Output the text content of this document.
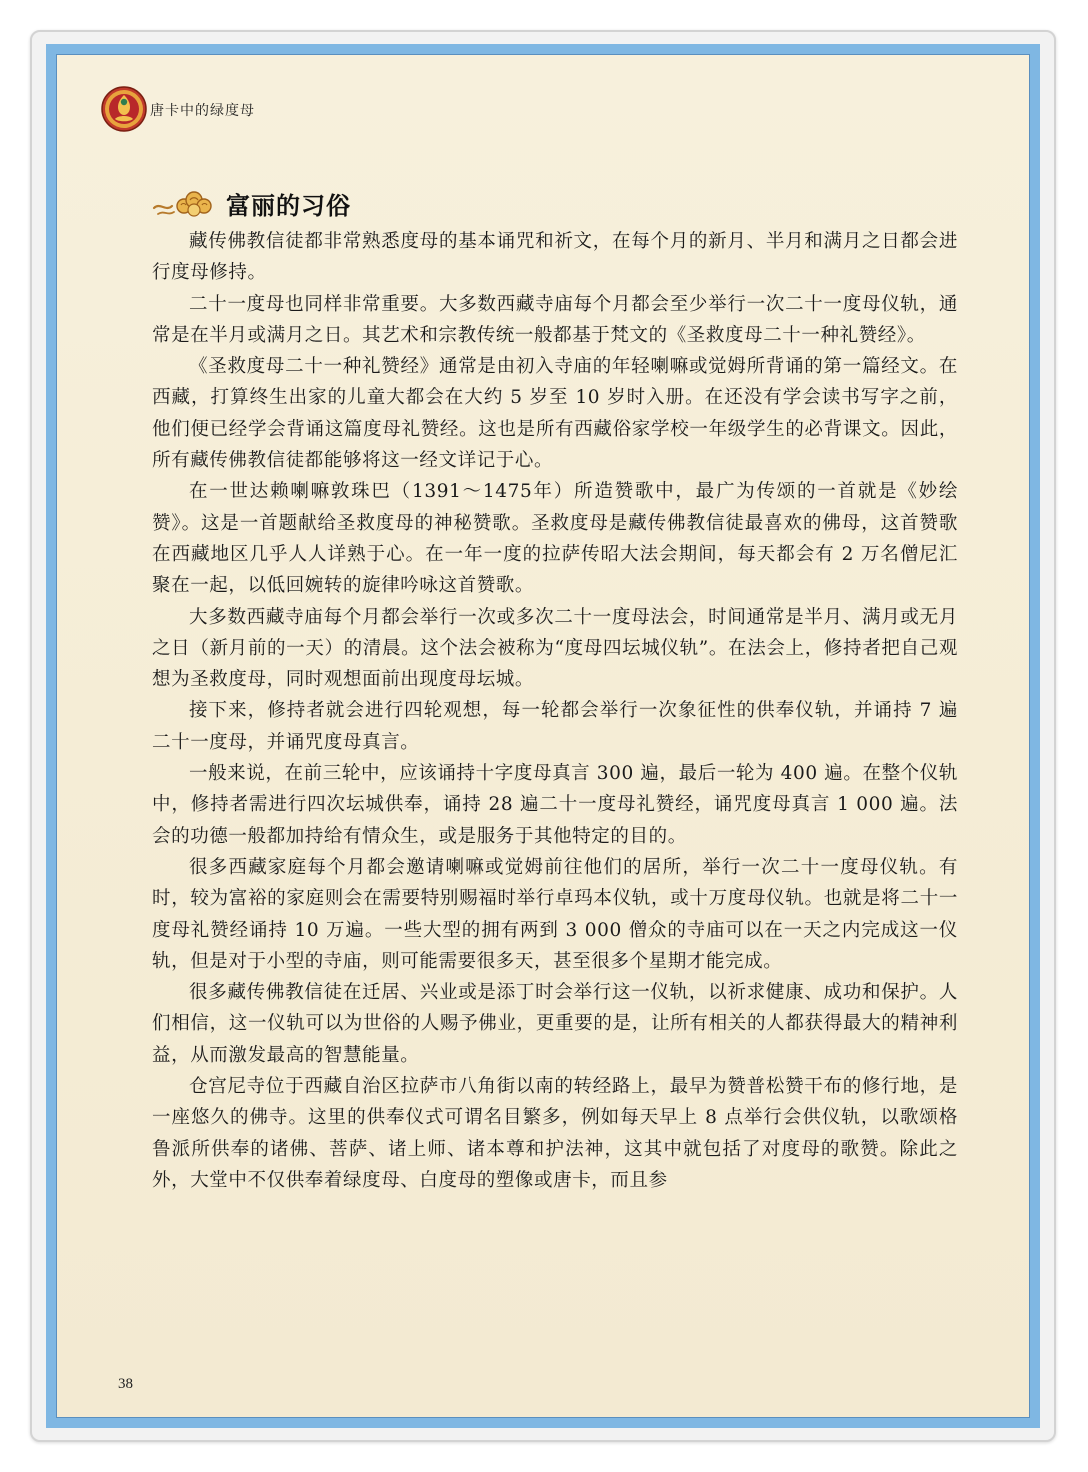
唐卡中的绿度母
富丽的习俗

藏传佛教信徒都非常熟悉度母的基本诵咒和祈文，在每个月的新月、半月和满月之日都会进行度母修持。

二十一度母也同样非常重要。大多数西藏寺庙每个月都会至少举行一次二十一度母仪轨，通常是在半月或满月之日。其艺术和宗教传统一般都基于梵文的《圣救度母二十一种礼赞经》。

《圣救度母二十一种礼赞经》通常是由初入寺庙的年轻喇嘛或觉姆所背诵的第一篇经文。在西藏，打算终生出家的儿童大都会在大约 5 岁至 10 岁时入册。在还没有学会读书写字之前，他们便已经学会背诵这篇度母礼赞经。这也是所有西藏俗家学校一年级学生的必背课文。因此，所有藏传佛教信徒都能够将这一经文详记于心。

在一世达赖喇嘛敦珠巴（1391～1475年）所造赞歌中，最广为传颂的一首就是《妙绘赞》。这是一首题献给圣救度母的神秘赞歌。圣救度母是藏传佛教信徒最喜欢的佛母，这首赞歌在西藏地区几乎人人详熟于心。在一年一度的拉萨传昭大法会期间，每天都会有 2 万名僧尼汇聚在一起，以低回婉转的旋律吟咏这首赞歌。

大多数西藏寺庙每个月都会举行一次或多次二十一度母法会，时间通常是半月、满月或无月之日（新月前的一天）的清晨。这个法会被称为“度母四坛城仪轨”。在法会上，修持者把自己观想为圣救度母，同时观想面前出现度母坛城。

接下来，修持者就会进行四轮观想，每一轮都会举行一次象征性的供奉仪轨，并诵持 7 遍二十一度母，并诵咒度母真言。

一般来说，在前三轮中，应该诵持十字度母真言 300 遍，最后一轮为 400 遍。在整个仪轨中，修持者需进行四次坛城供奉，诵持 28 遍二十一度母礼赞经，诵咒度母真言 1 000 遍。法会的功德一般都加持给有情众生，或是服务于其他特定的目的。

很多西藏家庭每个月都会邀请喇嘛或觉姆前往他们的居所，举行一次二十一度母仪轨。有时，较为富裕的家庭则会在需要特别赐福时举行卓玛本仪轨，或十万度母仪轨。也就是将二十一度母礼赞经诵持 10 万遍。一些大型的拥有两到 3 000 僧众的寺庙可以在一天之内完成这一仪轨，但是对于小型的寺庙，则可能需要很多天，甚至很多个星期才能完成。

很多藏传佛教信徒在迁居、兴业或是添丁时会举行这一仪轨，以祈求健康、成功和保护。人们相信，这一仪轨可以为世俗的人赐予佛业，更重要的是，让所有相关的人都获得最大的精神利益，从而激发最高的智慧能量。

仓宫尼寺位于西藏自治区拉萨市八角街以南的转经路上，最早为赞普松赞干布的修行地，是一座悠久的佛寺。这里的供奉仪式可谓名目繁多，例如每天早上 8 点举行会供仪轨，以歌颂格鲁派所供奉的诸佛、菩萨、诸上师、诸本尊和护法神，这其中就包括了对度母的歌赞。除此之外，大堂中不仅供奉着绿度母、白度母的塑像或唐卡，而且参

38
